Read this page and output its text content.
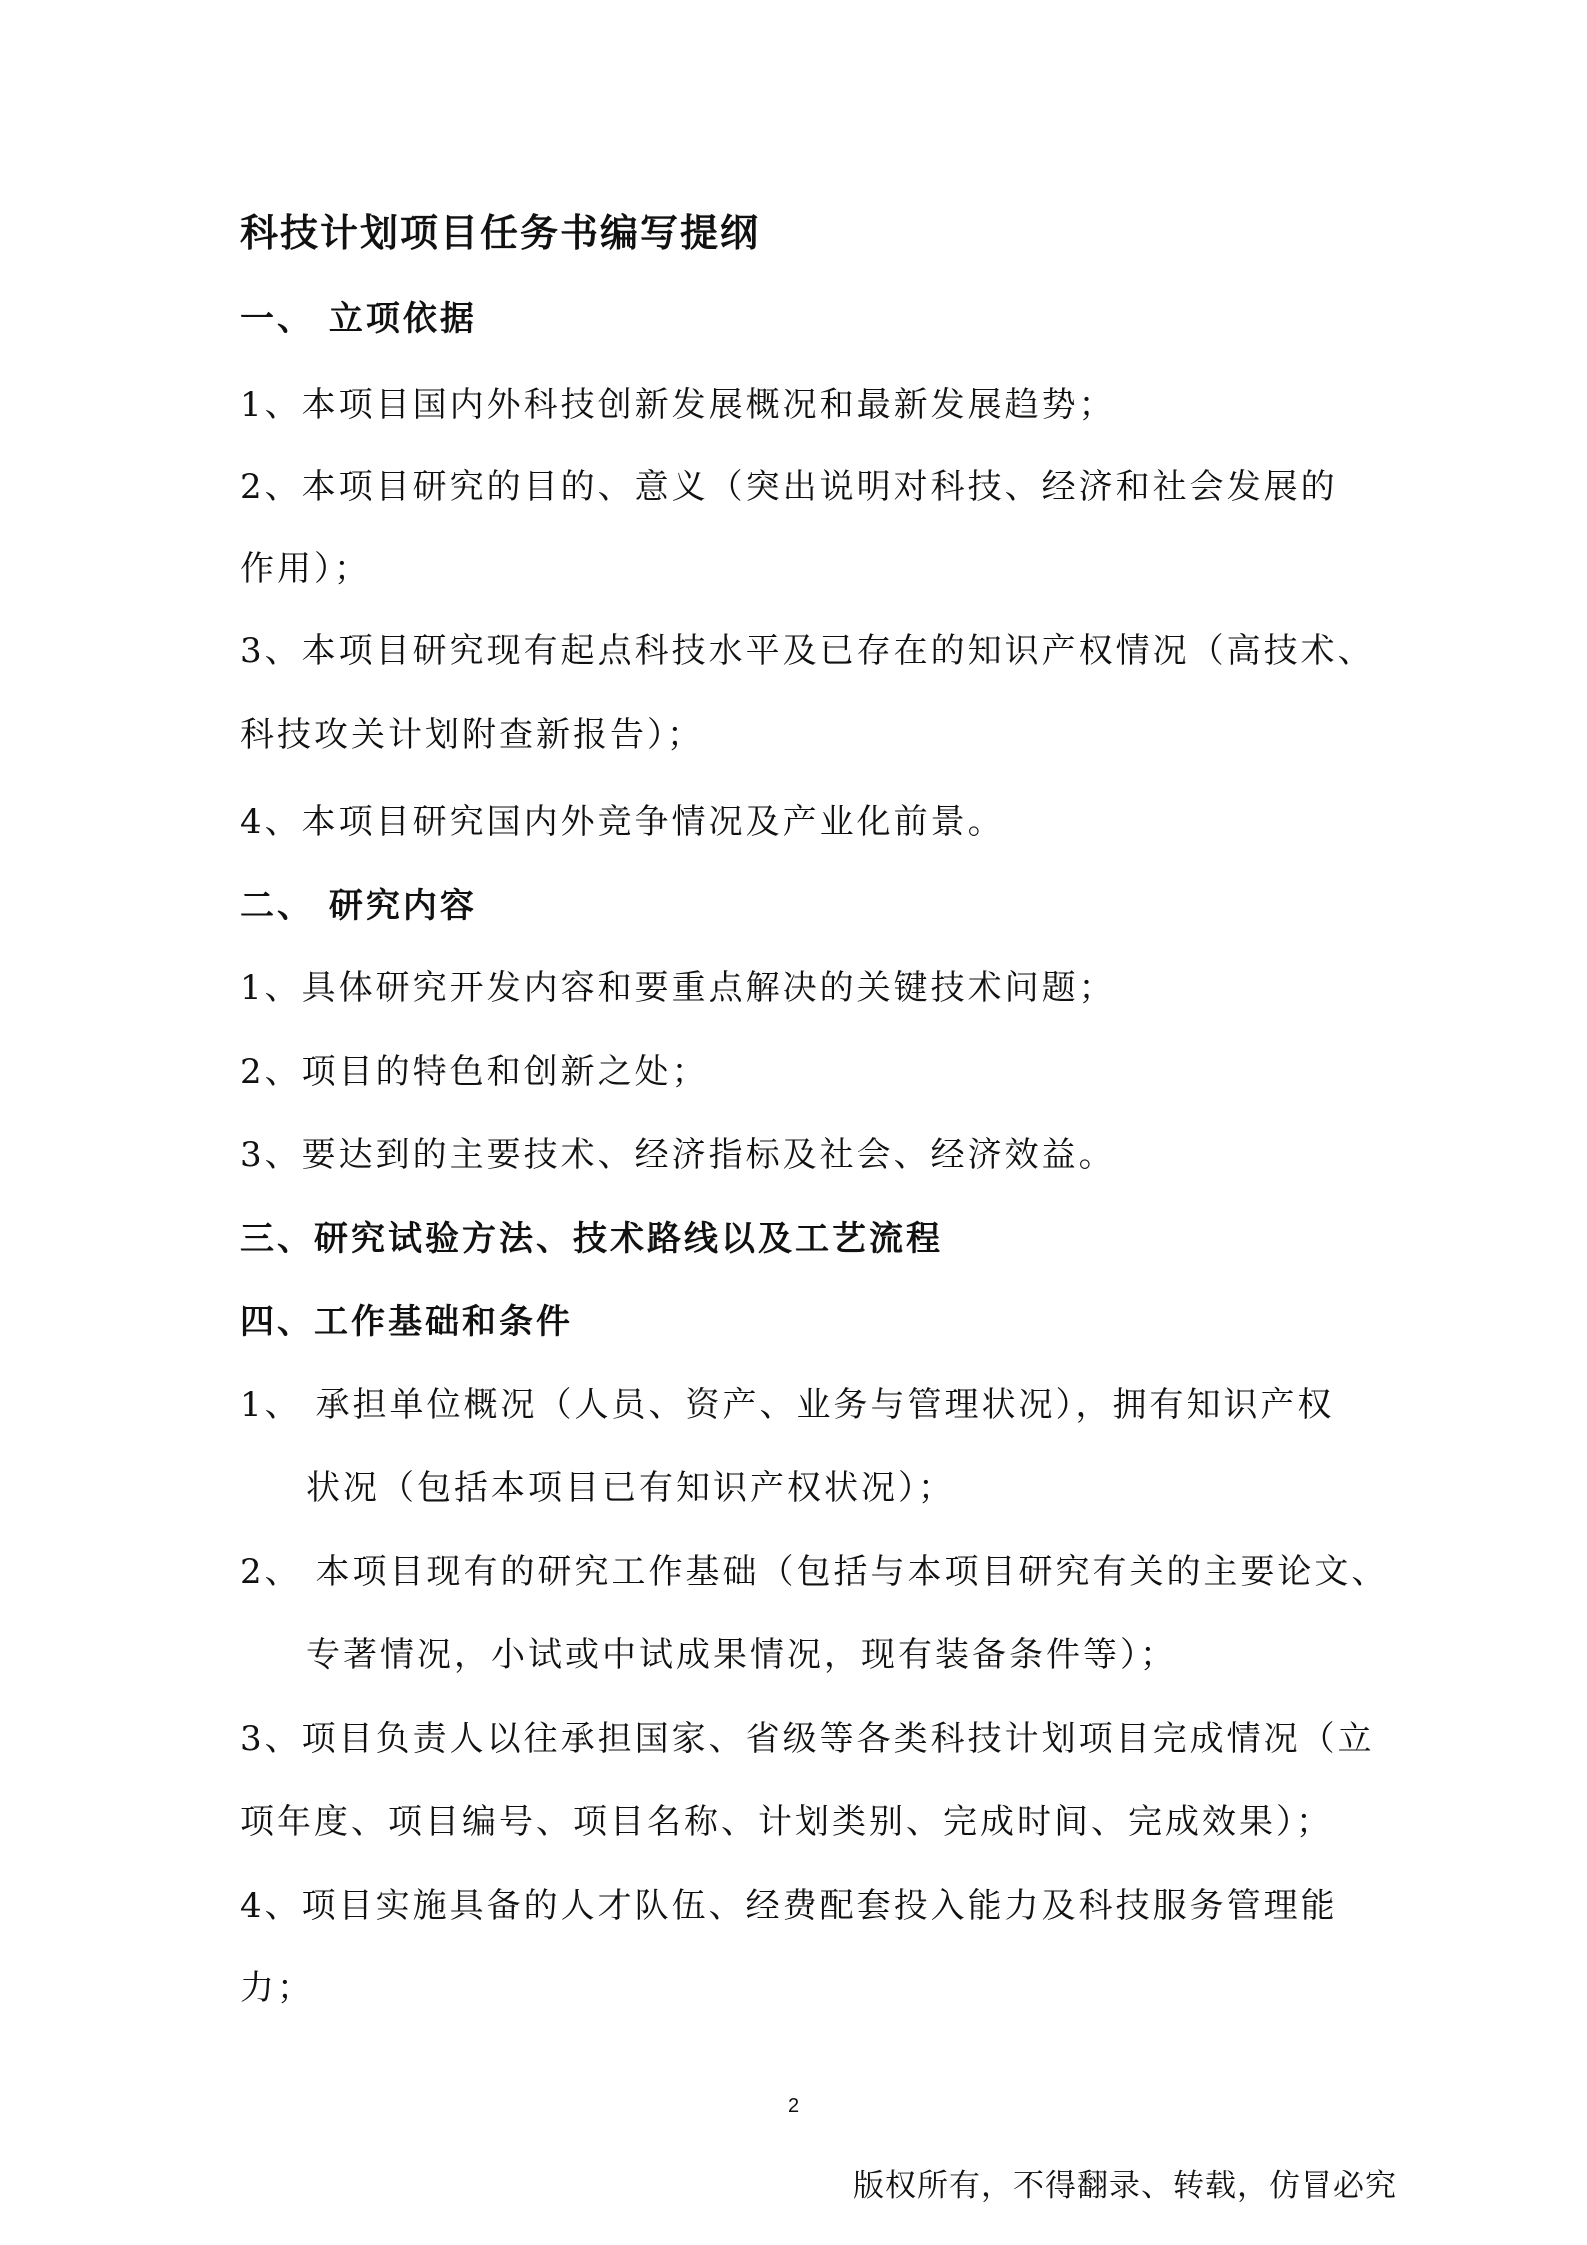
科技计划项目任务书编写提纲
一、 立项依据
1、本项目国内外科技创新发展概况和最新发展趋势；
2、本项目研究的目的、意义（突出说明对科技、经济和社会发展的
作用）；
3、本项目研究现有起点科技水平及已存在的知识产权情况（高技术、
科技攻关计划附查新报告）；
4、本项目研究国内外竞争情况及产业化前景。
二、 研究内容
1、具体研究开发内容和要重点解决的关键技术问题；
2、项目的特色和创新之处；
3、要达到的主要技术、经济指标及社会、经济效益。
三、研究试验方法、技术路线以及工艺流程
四、工作基础和条件
1、 承担单位概况（人员、资产、业务与管理状况），拥有知识产权
状况（包括本项目已有知识产权状况）；
2、 本项目现有的研究工作基础（包括与本项目研究有关的主要论文、
专著情况，小试或中试成果情况，现有装备条件等）；
3、项目负责人以往承担国家、省级等各类科技计划项目完成情况（立
项年度、项目编号、项目名称、计划类别、完成时间、完成效果）；
4、项目实施具备的人才队伍、经费配套投入能力及科技服务管理能
力；
2
版权所有，不得翻录、转载，仿冒必究
